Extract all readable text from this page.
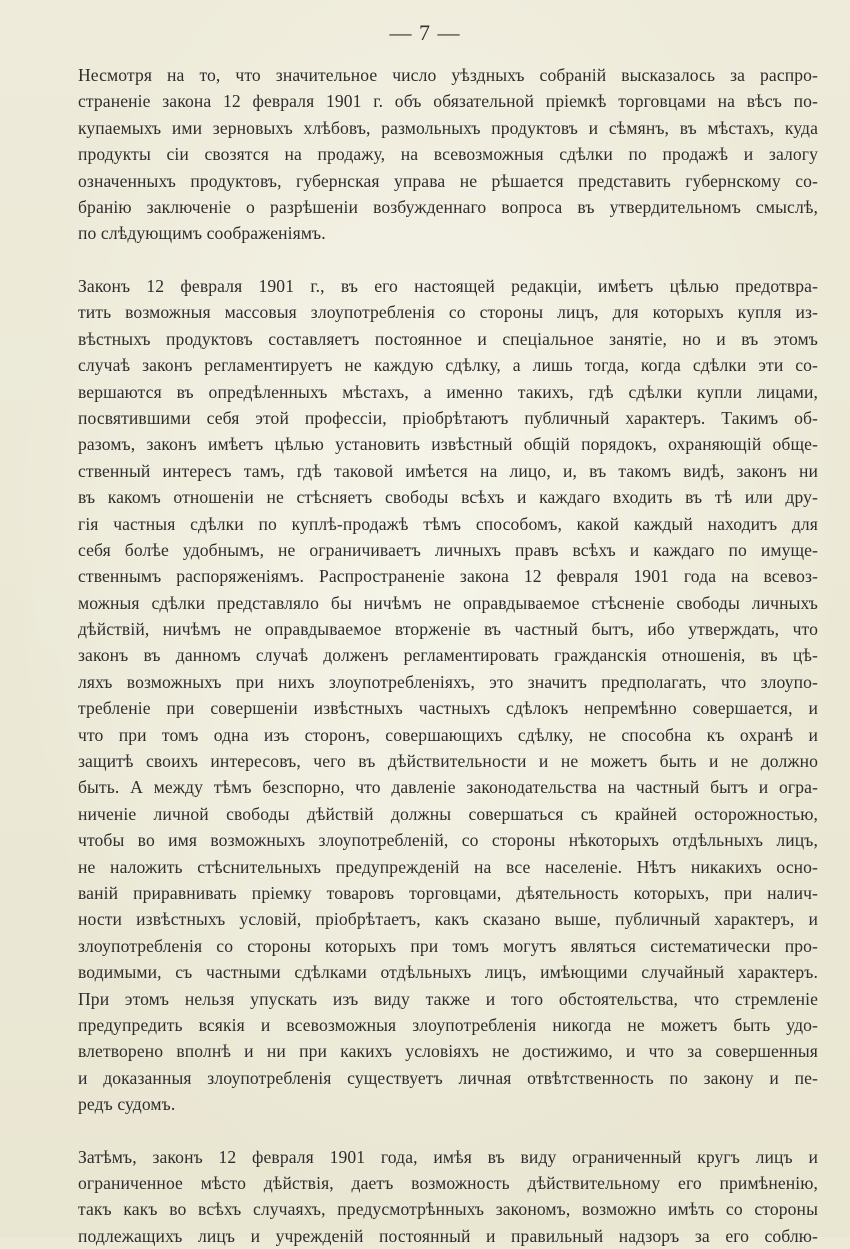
— 7 —
Несмотря на то, что значительное число уѣздныхъ собраній высказалось за распро-
страненіе закона 12 февраля 1901 г. объ обязательной пріемкѣ торговцами на вѣсъ по-
купаемыхъ ими зерновыхъ хлѣбовъ, размольныхъ продуктовъ и сѣмянъ, въ мѣстахъ, куда
продукты сіи свозятся на продажу, на всевозможныя сдѣлки по продажѣ и залогу
означенныхъ продуктовъ, губернская управа не рѣшается представить губернскому со-
бранію заключеніе о разрѣшеніи возбужденнаго вопроса въ утвердительномъ смыслѣ,
по слѣдующимъ соображеніямъ.
Законъ 12 февраля 1901 г., въ его настоящей редакціи, имѣетъ цѣлью предотвра-
тить возможныя массовыя злоупотребленія со стороны лицъ, для которыхъ купля из-
вѣстныхъ продуктовъ составляетъ постоянное и спеціальное занятіе, но и въ этомъ
случаѣ законъ регламентируетъ не каждую сдѣлку, а лишь тогда, когда сдѣлки эти со-
вершаются въ опредѣленныхъ мѣстахъ, а именно такихъ, гдѣ сдѣлки купли лицами,
посвятившими себя этой профессіи, пріобрѣтаютъ публичный характеръ. Такимъ об-
разомъ, законъ имѣетъ цѣлью установить извѣстный общій порядокъ, охраняющій обще-
ственный интересъ тамъ, гдѣ таковой имѣется на лицо, и, въ такомъ видѣ, законъ ни
въ какомъ отношеніи не стѣсняетъ свободы всѣхъ и каждаго входить въ тѣ или дру-
гія частныя сдѣлки по куплѣ-продажѣ тѣмъ способомъ, какой каждый находитъ для
себя болѣе удобнымъ, не ограничиваетъ личныхъ правъ всѣхъ и каждаго по имуще-
ственнымъ распоряженіямъ. Распространеніе закона 12 февраля 1901 года на всевоз-
можныя сдѣлки представляло бы ничѣмъ не оправдываемое стѣсненіе свободы личныхъ
дѣйствій, ничѣмъ не оправдываемое вторженіе въ частный бытъ, ибо утверждать, что
законъ въ данномъ случаѣ долженъ регламентировать гражданскія отношенія, въ цѣ-
ляхъ возможныхъ при нихъ злоупотребленіяхъ, это значитъ предполагать, что злоупо-
требленіе при совершеніи извѣстныхъ частныхъ сдѣлокъ непремѣнно совершается, и
что при томъ одна изъ сторонъ, совершающихъ сдѣлку, не способна къ охранѣ и
защитѣ своихъ интересовъ, чего въ дѣйствительности и не можетъ быть и не должно
быть. А между тѣмъ безспорно, что давленіе законодательства на частный бытъ и огра-
ниченіе личной свободы дѣйствій должны совершаться съ крайней осторожностью,
чтобы во имя возможныхъ злоупотребленій, со стороны нѣкоторыхъ отдѣльныхъ лицъ,
не наложить стѣснительныхъ предупрежденій на все населеніе. Нѣтъ никакихъ осно-
ваній приравнивать пріемку товаровъ торговцами, дѣятельность которыхъ, при налич-
ности извѣстныхъ условій, пріобрѣтаетъ, какъ сказано выше, публичный характеръ, и
злоупотребленія со стороны которыхъ при томъ могутъ являться систематически про-
водимыми, съ частными сдѣлками отдѣльныхъ лицъ, имѣющими случайный характеръ.
При этомъ нельзя упускать изъ виду также и того обстоятельства, что стремленіе
предупредить всякія и всевозможныя злоупотребленія никогда не можетъ быть удо-
влетворено вполнѣ и ни при какихъ условіяхъ не достижимо, и что за совершенныя
и доказанныя злоупотребленія существуетъ личная отвѣтственность по закону и пе-
редъ судомъ.
Затѣмъ, законъ 12 февраля 1901 года, имѣя въ виду ограниченный кругъ лицъ и
ограниченное мѣсто дѣйствія, даетъ возможность дѣйствительному его примѣненію,
такъ какъ во всѣхъ случаяхъ, предусмотрѣнныхъ закономъ, возможно имѣть со стороны
подлежащихъ лицъ и учрежденій постоянный и правильный надзоръ за его соблю-
